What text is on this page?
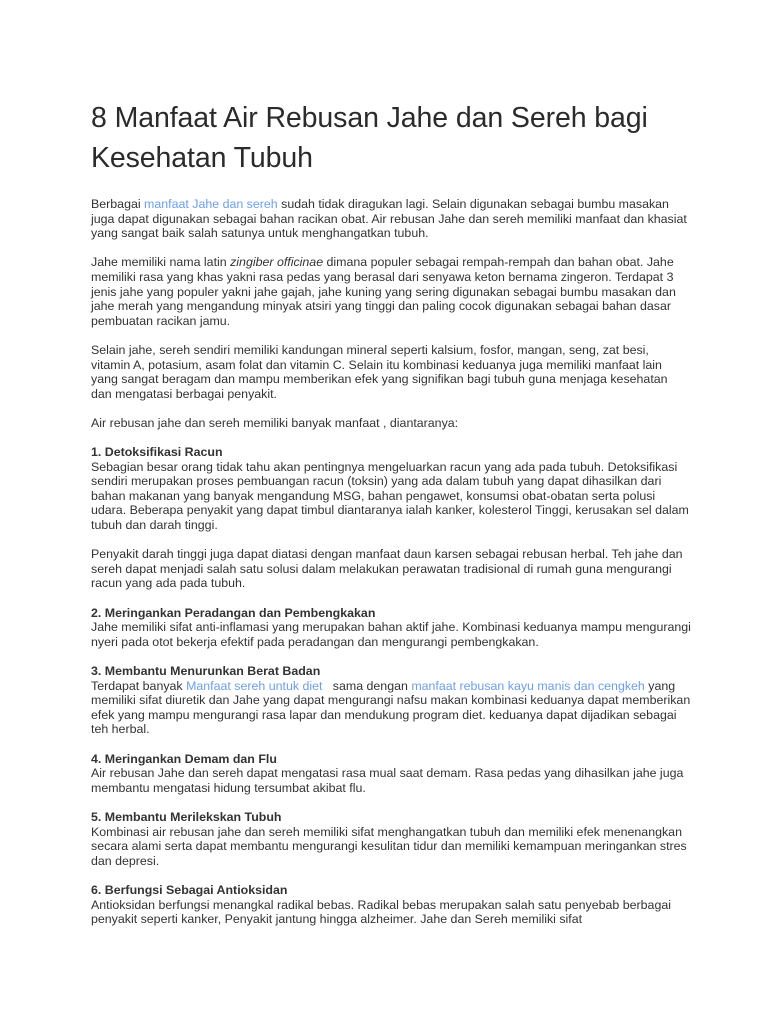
8 Manfaat Air Rebusan Jahe dan Sereh bagi Kesehatan Tubuh

Berbagai manfaat Jahe dan sereh sudah tidak diragukan lagi. Selain digunakan sebagai bumbu masakan juga dapat digunakan sebagai bahan racikan obat. Air rebusan Jahe dan sereh memiliki manfaat dan khasiat yang sangat baik salah satunya untuk menghangatkan tubuh.

Jahe memiliki nama latin zingiber officinae dimana populer sebagai rempah-rempah dan bahan obat. Jahe memiliki rasa yang khas yakni rasa pedas yang berasal dari senyawa keton bernama zingeron. Terdapat 3 jenis jahe yang populer yakni jahe gajah, jahe kuning yang sering digunakan sebagai bumbu masakan dan jahe merah yang mengandung minyak atsiri yang tinggi dan paling cocok digunakan sebagai bahan dasar pembuatan racikan jamu.

Selain jahe, sereh sendiri memiliki kandungan mineral seperti kalsium, fosfor, mangan, seng, zat besi, vitamin A, potasium, asam folat dan vitamin C. Selain itu kombinasi keduanya juga memiliki manfaat lain yang sangat beragam dan mampu memberikan efek yang signifikan bagi tubuh guna menjaga kesehatan dan mengatasi berbagai penyakit.

Air rebusan jahe dan sereh memiliki banyak manfaat , diantaranya:

1. Detoksifikasi Racun

Sebagian besar orang tidak tahu akan pentingnya mengeluarkan racun yang ada pada tubuh. Detoksifikasi sendiri merupakan proses pembuangan racun (toksin) yang ada dalam tubuh yang dapat dihasilkan dari bahan makanan yang banyak mengandung MSG, bahan pengawet, konsumsi obat-obatan serta polusi udara. Beberapa penyakit yang dapat timbul diantaranya ialah kanker, kolesterol Tinggi, kerusakan sel dalam tubuh dan darah tinggi.

Penyakit darah tinggi juga dapat diatasi dengan manfaat daun karsen sebagai rebusan herbal. Teh jahe dan sereh dapat menjadi salah satu solusi dalam melakukan perawatan tradisional di rumah guna mengurangi racun yang ada pada tubuh.

2. Meringankan Peradangan dan Pembengkakan

Jahe memiliki sifat anti-inflamasi yang merupakan bahan aktif jahe. Kombinasi keduanya mampu mengurangi nyeri pada otot bekerja efektif pada peradangan dan mengurangi pembengkakan.

3. Membantu Menurunkan Berat Badan

Terdapat banyak Manfaat sereh untuk diet   sama dengan manfaat rebusan kayu manis dan cengkeh yang memiliki sifat diuretik dan Jahe yang dapat mengurangi nafsu makan kombinasi keduanya dapat memberikan efek yang mampu mengurangi rasa lapar dan mendukung program diet. keduanya dapat dijadikan sebagai teh herbal.

4. Meringankan Demam dan Flu

Air rebusan Jahe dan sereh dapat mengatasi rasa mual saat demam. Rasa pedas yang dihasilkan jahe juga membantu mengatasi hidung tersumbat akibat flu.

5. Membantu Merilekskan Tubuh

Kombinasi air rebusan jahe dan sereh memiliki sifat menghangatkan tubuh dan memiliki efek menenangkan secara alami serta dapat membantu mengurangi kesulitan tidur dan memiliki kemampuan meringankan stres dan depresi.

6. Berfungsi Sebagai Antioksidan

Antioksidan berfungsi menangkal radikal bebas. Radikal bebas merupakan salah satu penyebab berbagai penyakit seperti kanker, Penyakit jantung hingga alzheimer. Jahe dan Sereh memiliki sifat
